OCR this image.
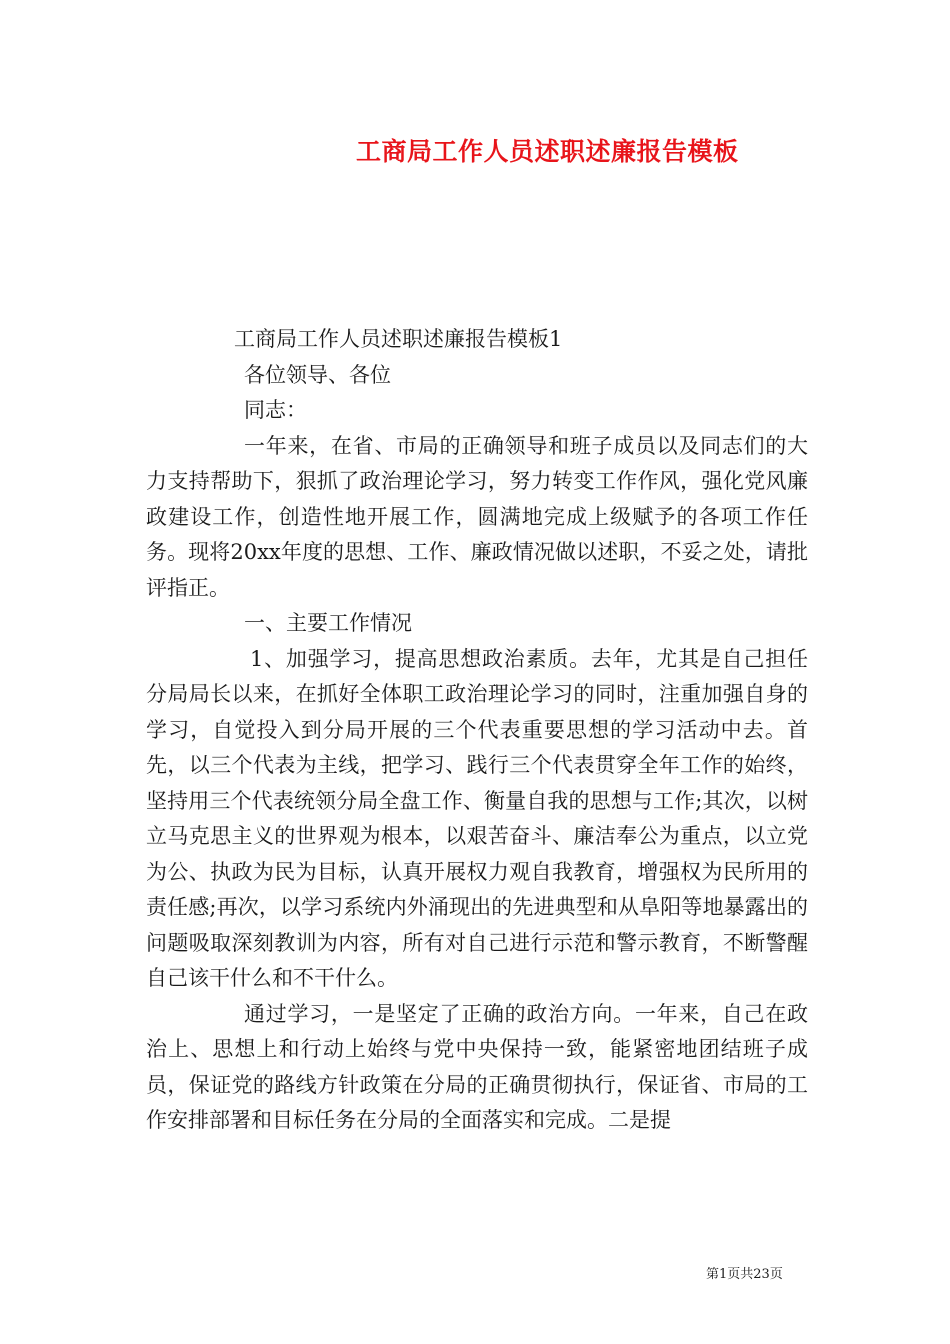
工商局工作人员述职述廉报告模板

工商局工作人员述职述廉报告模板1

各位领导、各位

同志：

一年来，在省、市局的正确领导和班子成员以及同志们的大力支持帮助下，狠抓了政治理论学习，努力转变工作作风，强化党风廉政建设工作，创造性地开展工作，圆满地完成上级赋予的各项工作任务。现将20xx年度的思想、工作、廉政情况做以述职，不妥之处，请批评指正。

一、主要工作情况

1、加强学习，提高思想政治素质。去年，尤其是自己担任分局局长以来，在抓好全体职工政治理论学习的同时，注重加强自身的学习，自觉投入到分局开展的三个代表重要思想的学习活动中去。首先，以三个代表为主线，把学习、践行三个代表贯穿全年工作的始终，坚持用三个代表统领分局全盘工作、衡量自我的思想与工作;其次，以树立马克思主义的世界观为根本，以艰苦奋斗、廉洁奉公为重点，以立党为公、执政为民为目标，认真开展权力观自我教育，增强权为民所用的责任感;再次，以学习系统内外涌现出的先进典型和从阜阳等地暴露出的问题吸取深刻教训为内容，所有对自己进行示范和警示教育，不断警醒自己该干什么和不干什么。

通过学习，一是坚定了正确的政治方向。一年来，自己在政治上、思想上和行动上始终与党中央保持一致，能紧密地团结班子成员，保证党的路线方针政策在分局的正确贯彻执行，保证省、市局的工作安排部署和目标任务在分局的全面落实和完成。二是提

第1页共23页
